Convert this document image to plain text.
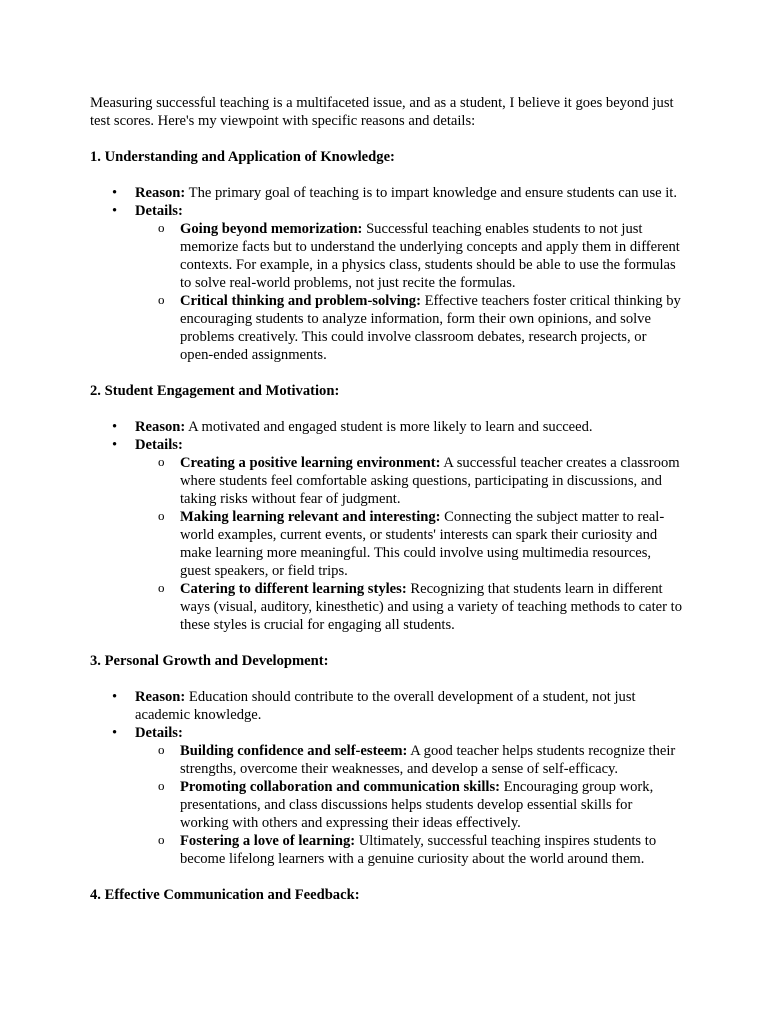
Measuring successful teaching is a multifaceted issue, and as a student, I believe it goes beyond just test scores. Here's my viewpoint with specific reasons and details:

1. Understanding and Application of Knowledge:

•	Reason: The primary goal of teaching is to impart knowledge and ensure students can use it.
•	Details:
o Going beyond memorization: Successful teaching enables students to not just memorize facts but to understand the underlying concepts and apply them in different contexts. For example, in a physics class, students should be able to use the formulas to solve real-world problems, not just recite the formulas.
o Critical thinking and problem-solving: Effective teachers foster critical thinking by encouraging students to analyze information, form their own opinions, and solve problems creatively. This could involve classroom debates, research projects, or open-ended assignments.

2. Student Engagement and Motivation:

•	Reason: A motivated and engaged student is more likely to learn and succeed.
•	Details:
o Creating a positive learning environment: A successful teacher creates a classroom where students feel comfortable asking questions, participating in discussions, and taking risks without fear of judgment.
o Making learning relevant and interesting: Connecting the subject matter to real-world examples, current events, or students' interests can spark their curiosity and make learning more meaningful. This could involve using multimedia resources, guest speakers, or field trips.
o Catering to different learning styles: Recognizing that students learn in different ways (visual, auditory, kinesthetic) and using a variety of teaching methods to cater to these styles is crucial for engaging all students.

3. Personal Growth and Development:

•	Reason: Education should contribute to the overall development of a student, not just academic knowledge.
•	Details:
o Building confidence and self-esteem: A good teacher helps students recognize their strengths, overcome their weaknesses, and develop a sense of self-efficacy.
o Promoting collaboration and communication skills: Encouraging group work, presentations, and class discussions helps students develop essential skills for working with others and expressing their ideas effectively.
o Fostering a love of learning: Ultimately, successful teaching inspires students to become lifelong learners with a genuine curiosity about the world around them.

4. Effective Communication and Feedback:
